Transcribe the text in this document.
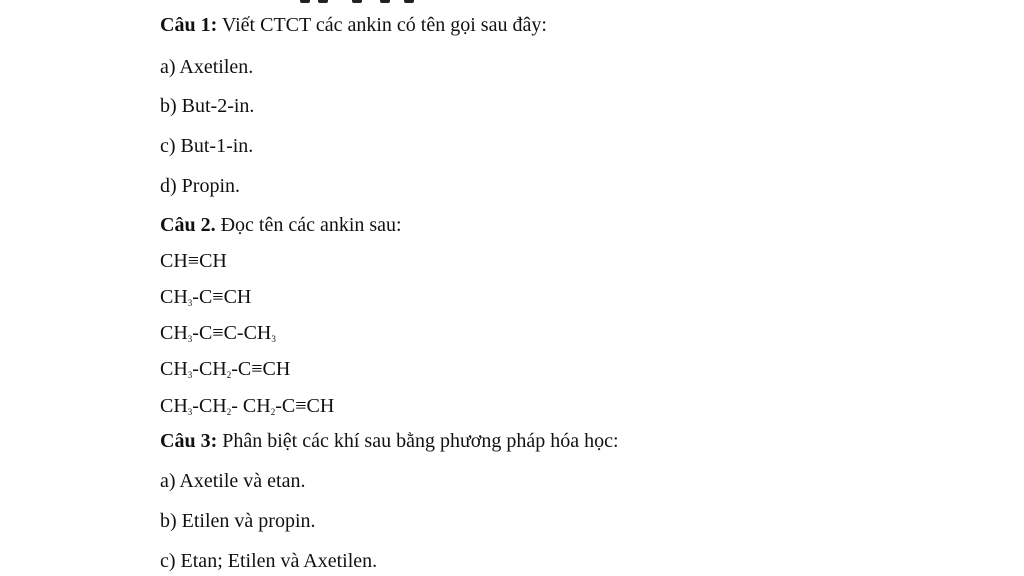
Câu 1: Viết CTCT các ankin có tên gọi sau đây:
a) Axetilen.
b) But-2-in.
c) But-1-in.
d) Propin.
Câu 2. Đọc tên các ankin sau:
CH≡CH
$CH_3-C\equiv CH$
$CH_3-C\equiv C-CH_3$
$CH_3-CH_2-C\equiv CH$
$CH_3-CH_2-$ $CH_2-C\equiv CH$
Câu 3: Phân biệt các khí sau bằng phương pháp hóa học:
a) Axetile và etan.
b) Etilen và propin.
c) Etan; Etilen và Axetilen.
